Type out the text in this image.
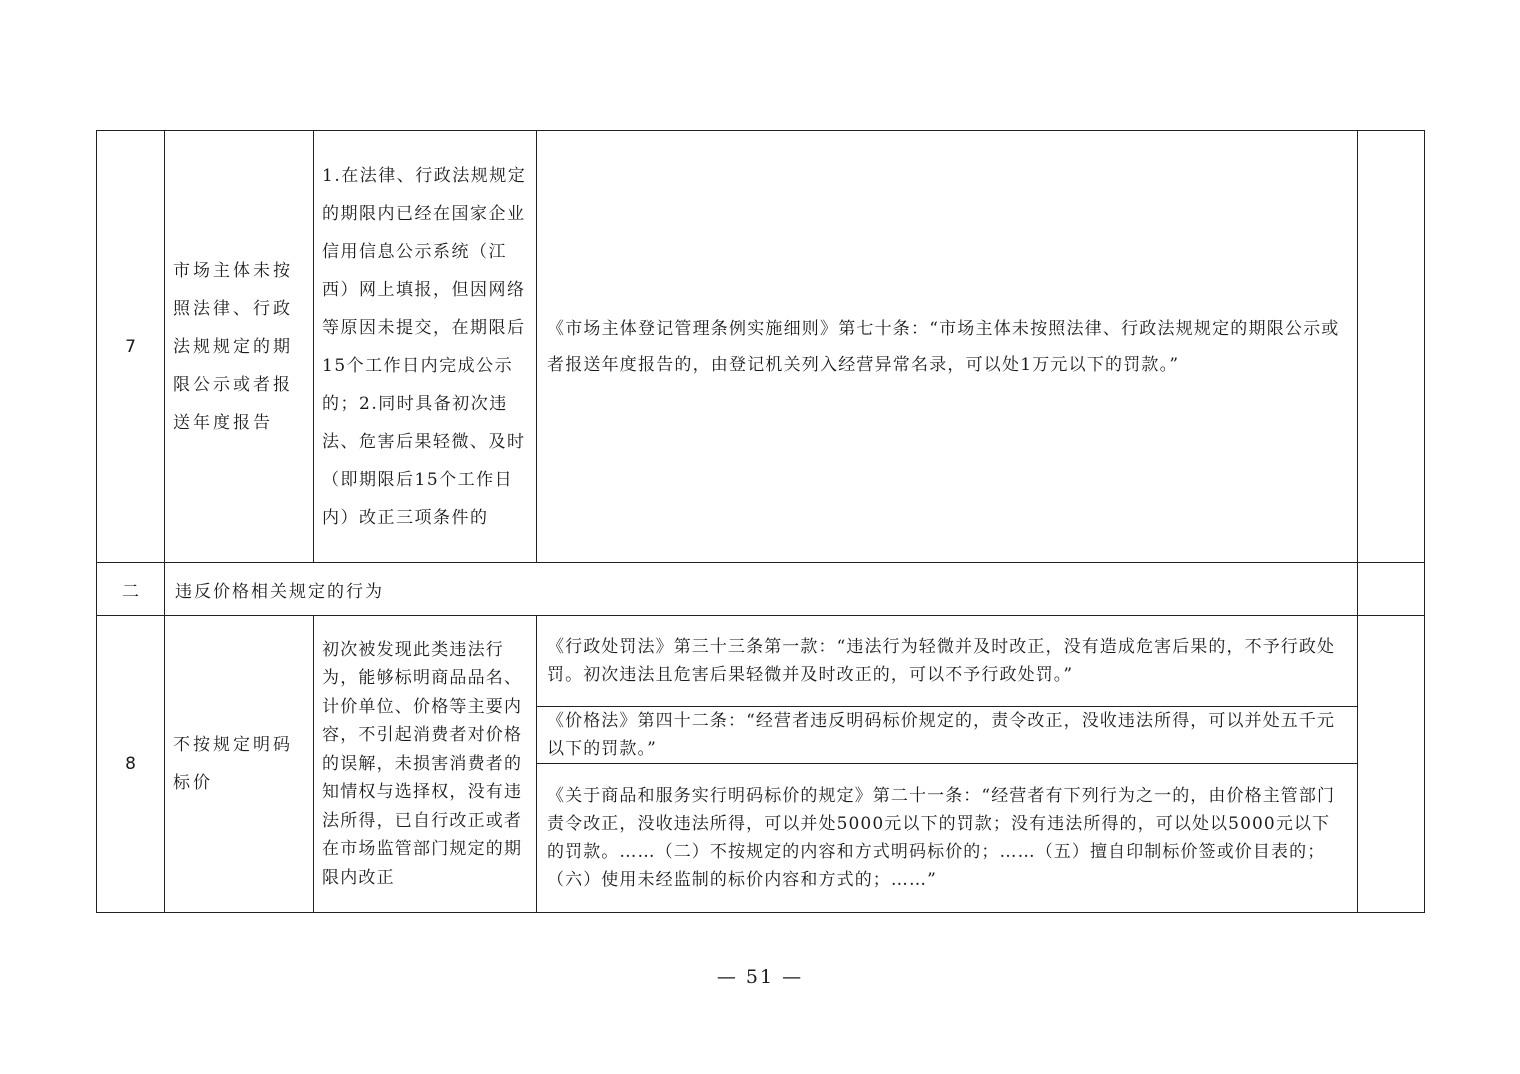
7	市场主体未按照法律、行政法规规定的期限公示或者报送年度报告	1.在法律、行政法规规定的期限内已经在国家企业信用信息公示系统（江西）网上填报，但因网络等原因未提交，在期限后15个工作日内完成公示的；2.同时具备初次违法、危害后果轻微、及时（即期限后15个工作日内）改正三项条件的	《市场主体登记管理条例实施细则》第七十条：“市场主体未按照法律、行政法规规定的期限公示或者报送年度报告的，由登记机关列入经营异常名录，可以处1万元以下的罚款。”	
二	违反价格相关规定的行为			
8	不按规定明码标价	初次被发现此类违法行为，能够标明商品品名、计价单位、价格等主要内容，不引起消费者对价格的误解，未损害消费者的知情权与选择权，没有违法所得，已自行改正或者在市场监管部门规定的期限内改正	《行政处罚法》第三十三条第一款：“违法行为轻微并及时改正，没有造成危害后果的，不予行政处罚。初次违法且危害后果轻微并及时改正的，可以不予行政处罚。”
《价格法》第四十二条：“经营者违反明码标价规定的，责令改正，没收违法所得，可以并处五千元以下的罚款。”
《关于商品和服务实行明码标价的规定》第二十一条：“经营者有下列行为之一的，由价格主管部门责令改正，没收违法所得，可以并处5000元以下的罚款；没有违法所得的，可以处以5000元以下的罚款。……（二）不按规定的内容和方式明码标价的；……（五）擅自印制标价签或价目表的；（六）使用未经监制的标价内容和方式的；……”	

— 51 —
